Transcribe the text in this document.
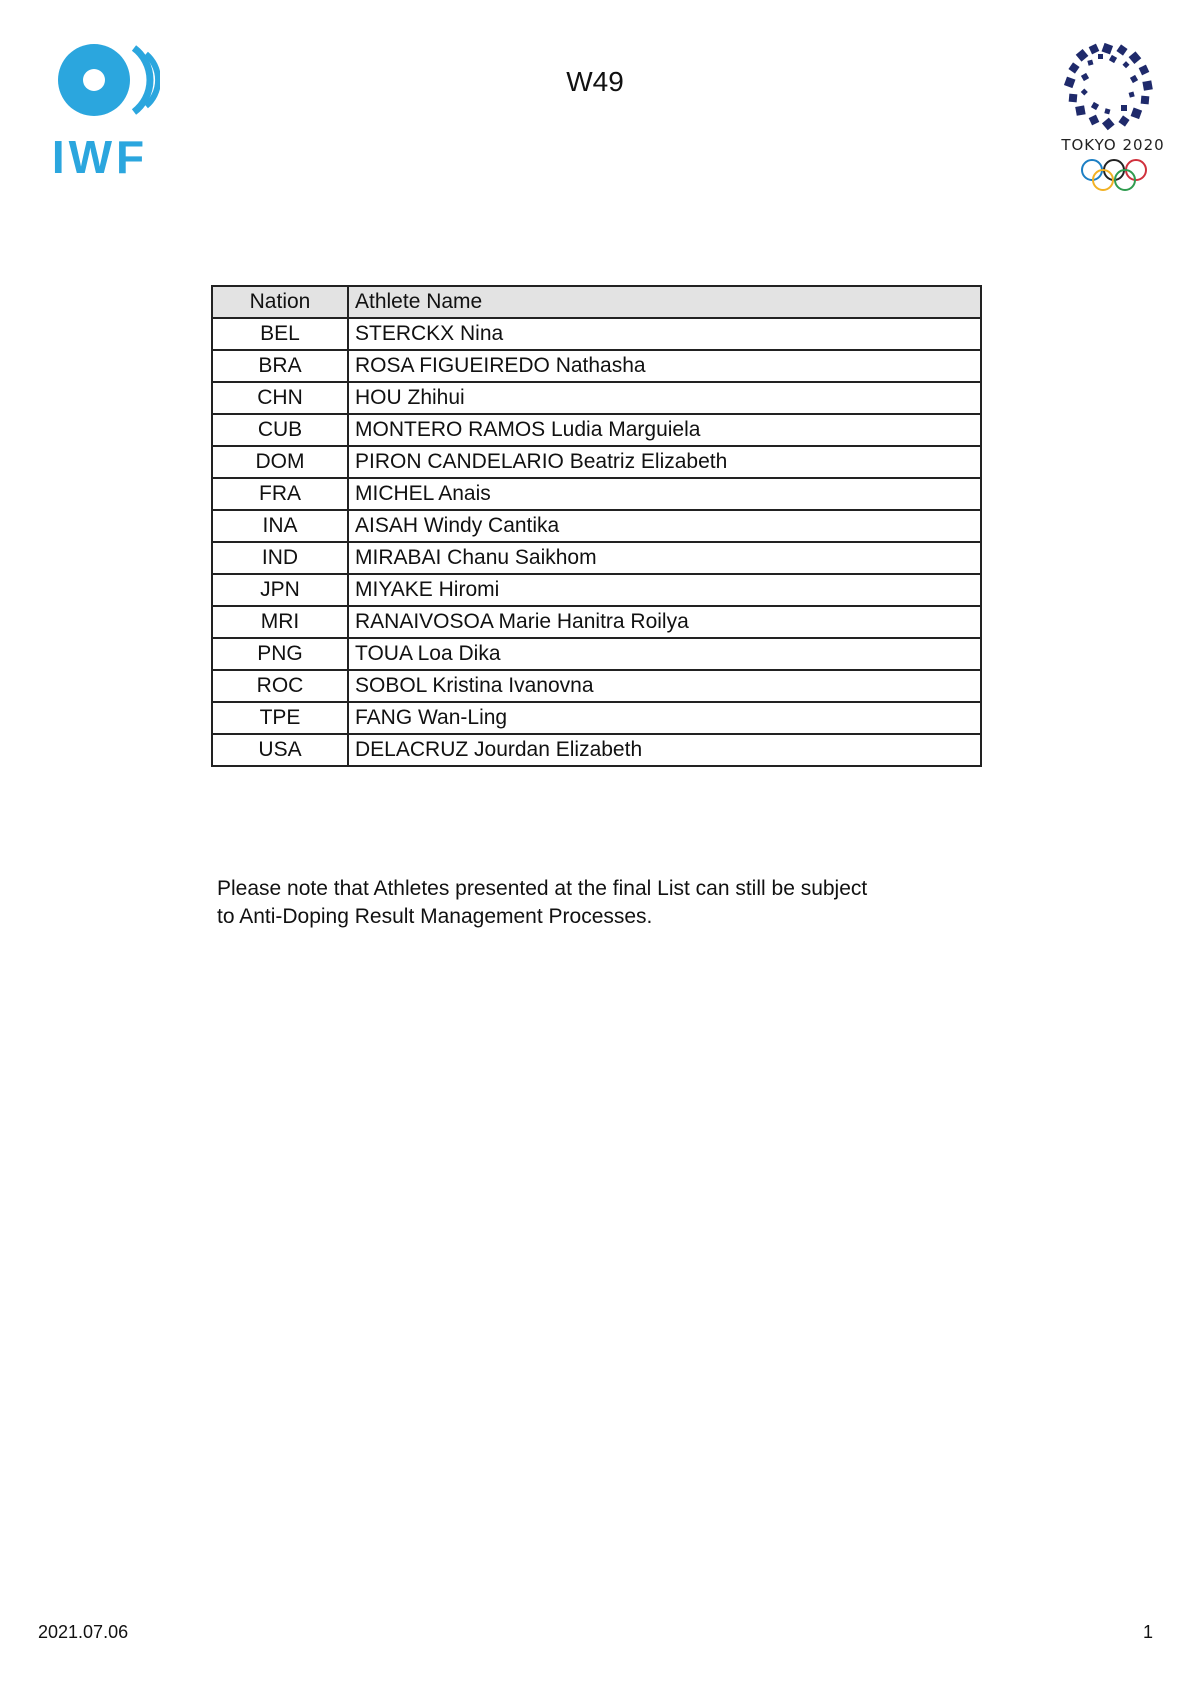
IWF
W49
TOKYO 2020
Nation	Athlete Name
BEL	STERCKX Nina
BRA	ROSA FIGUEIREDO Nathasha
CHN	HOU Zhihui
CUB	MONTERO RAMOS Ludia Marguiela
DOM	PIRON CANDELARIO Beatriz Elizabeth
FRA	MICHEL Anais
INA	AISAH Windy Cantika
IND	MIRABAI Chanu Saikhom
JPN	MIYAKE Hiromi
MRI	RANAIVOSOA Marie Hanitra Roilya
PNG	TOUA Loa Dika
ROC	SOBOL Kristina Ivanovna
TPE	FANG Wan-Ling
USA	DELACRUZ Jourdan Elizabeth
Please note that Athletes presented at the final List can still be subject
to Anti-Doping Result Management Processes.
2021.07.06	1
